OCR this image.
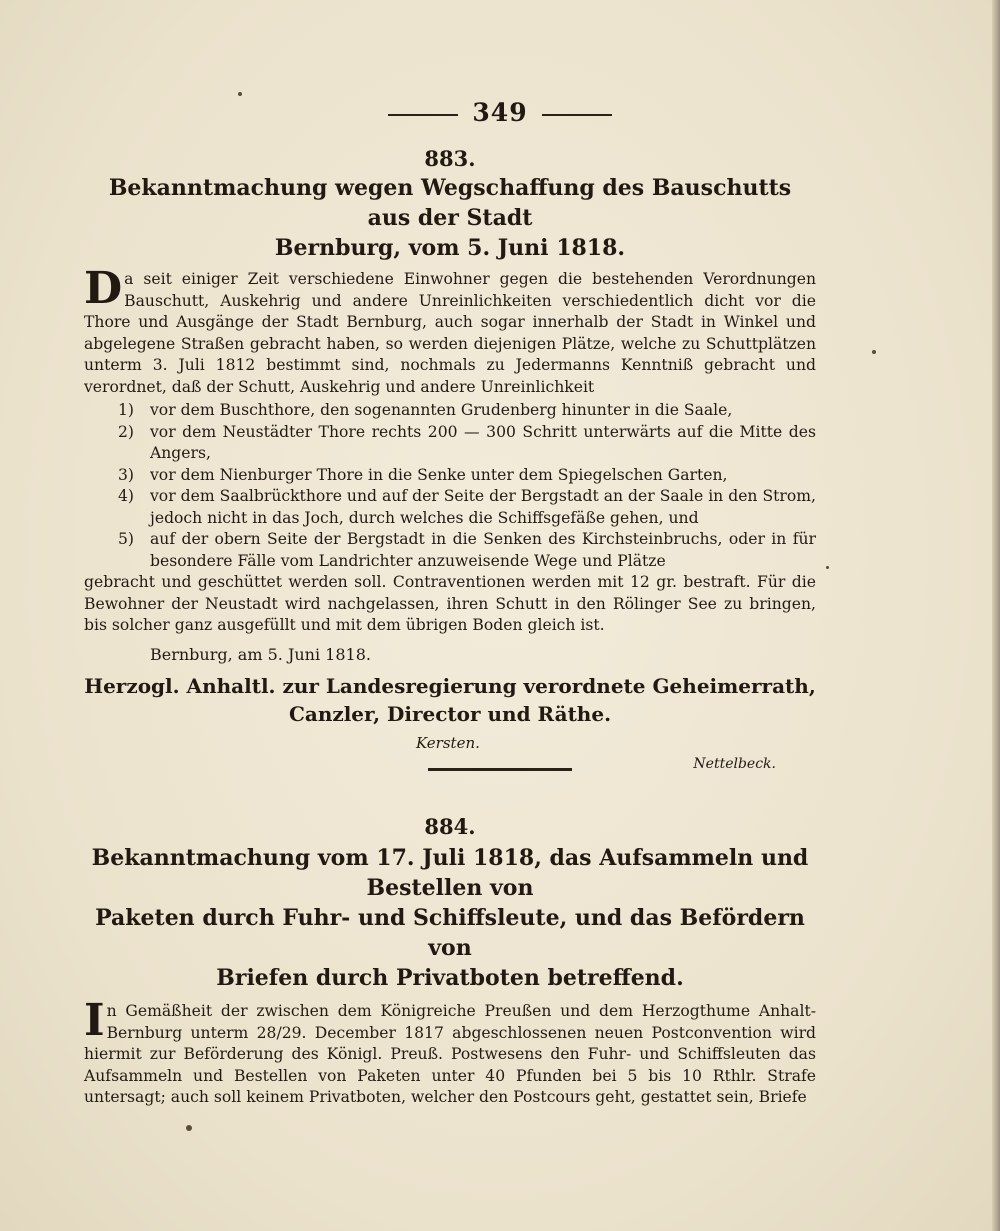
349
883.
Bekanntmachung wegen Wegschaffung des Bauschutts aus der Stadt
Bernburg, vom 5. Juni 1818.
Da seit einiger Zeit verschiedene Einwohner gegen die bestehenden Verordnungen Bauschutt, Auskehrig und andere Unreinlichkeiten verschiedentlich dicht vor die Thore und Ausgänge der Stadt Bernburg, auch sogar innerhalb der Stadt in Winkel und abgelegene Straßen gebracht haben, so werden diejenigen Plätze, welche zu Schuttplätzen unterm 3. Juli 1812 bestimmt sind, nochmals zu Jedermanns Kenntniß gebracht und verordnet, daß der Schutt, Auskehrig und andere Unreinlichkeit
1) vor dem Buschthore, den sogenannten Grudenberg hinunter in die Saale,
2) vor dem Neustädter Thore rechts 200 — 300 Schritt unterwärts auf die Mitte des Angers,
3) vor dem Nienburger Thore in die Senke unter dem Spiegelschen Garten,
4) vor dem Saalbrückthore und auf der Seite der Bergstadt an der Saale in den Strom, jedoch nicht in das Joch, durch welches die Schiffsgefäße gehen, und
5) auf der obern Seite der Bergstadt in die Senken des Kirchsteinbruchs, oder in für besondere Fälle vom Landrichter anzuweisende Wege und Plätze
gebracht und geschüttet werden soll. Contraventionen werden mit 12 gr. bestraft. Für die Bewohner der Neustadt wird nachgelassen, ihren Schutt in den Rölinger See zu bringen, bis solcher ganz ausgefüllt und mit dem übrigen Boden gleich ist.
Bernburg, am 5. Juni 1818.
Herzogl. Anhaltl. zur Landesregierung verordnete Geheimerrath,
Canzler, Director und Räthe.
Kersten.
Nettelbeck.
884.
Bekanntmachung vom 17. Juli 1818, das Aufsammeln und Bestellen von
Paketen durch Fuhr- und Schiffsleute, und das Befördern von
Briefen durch Privatboten betreffend.
In Gemäßheit der zwischen dem Königreiche Preußen und dem Herzogthume Anhalt-Bernburg unterm 28/29. December 1817 abgeschlossenen neuen Postconvention wird hiermit zur Beförderung des Königl. Preuß. Postwesens den Fuhr- und Schiffsleuten das Aufsammeln und Bestellen von Paketen unter 40 Pfunden bei 5 bis 10 Rthlr. Strafe untersagt; auch soll keinem Privatboten, welcher den Postcours geht, gestattet sein, Briefe
